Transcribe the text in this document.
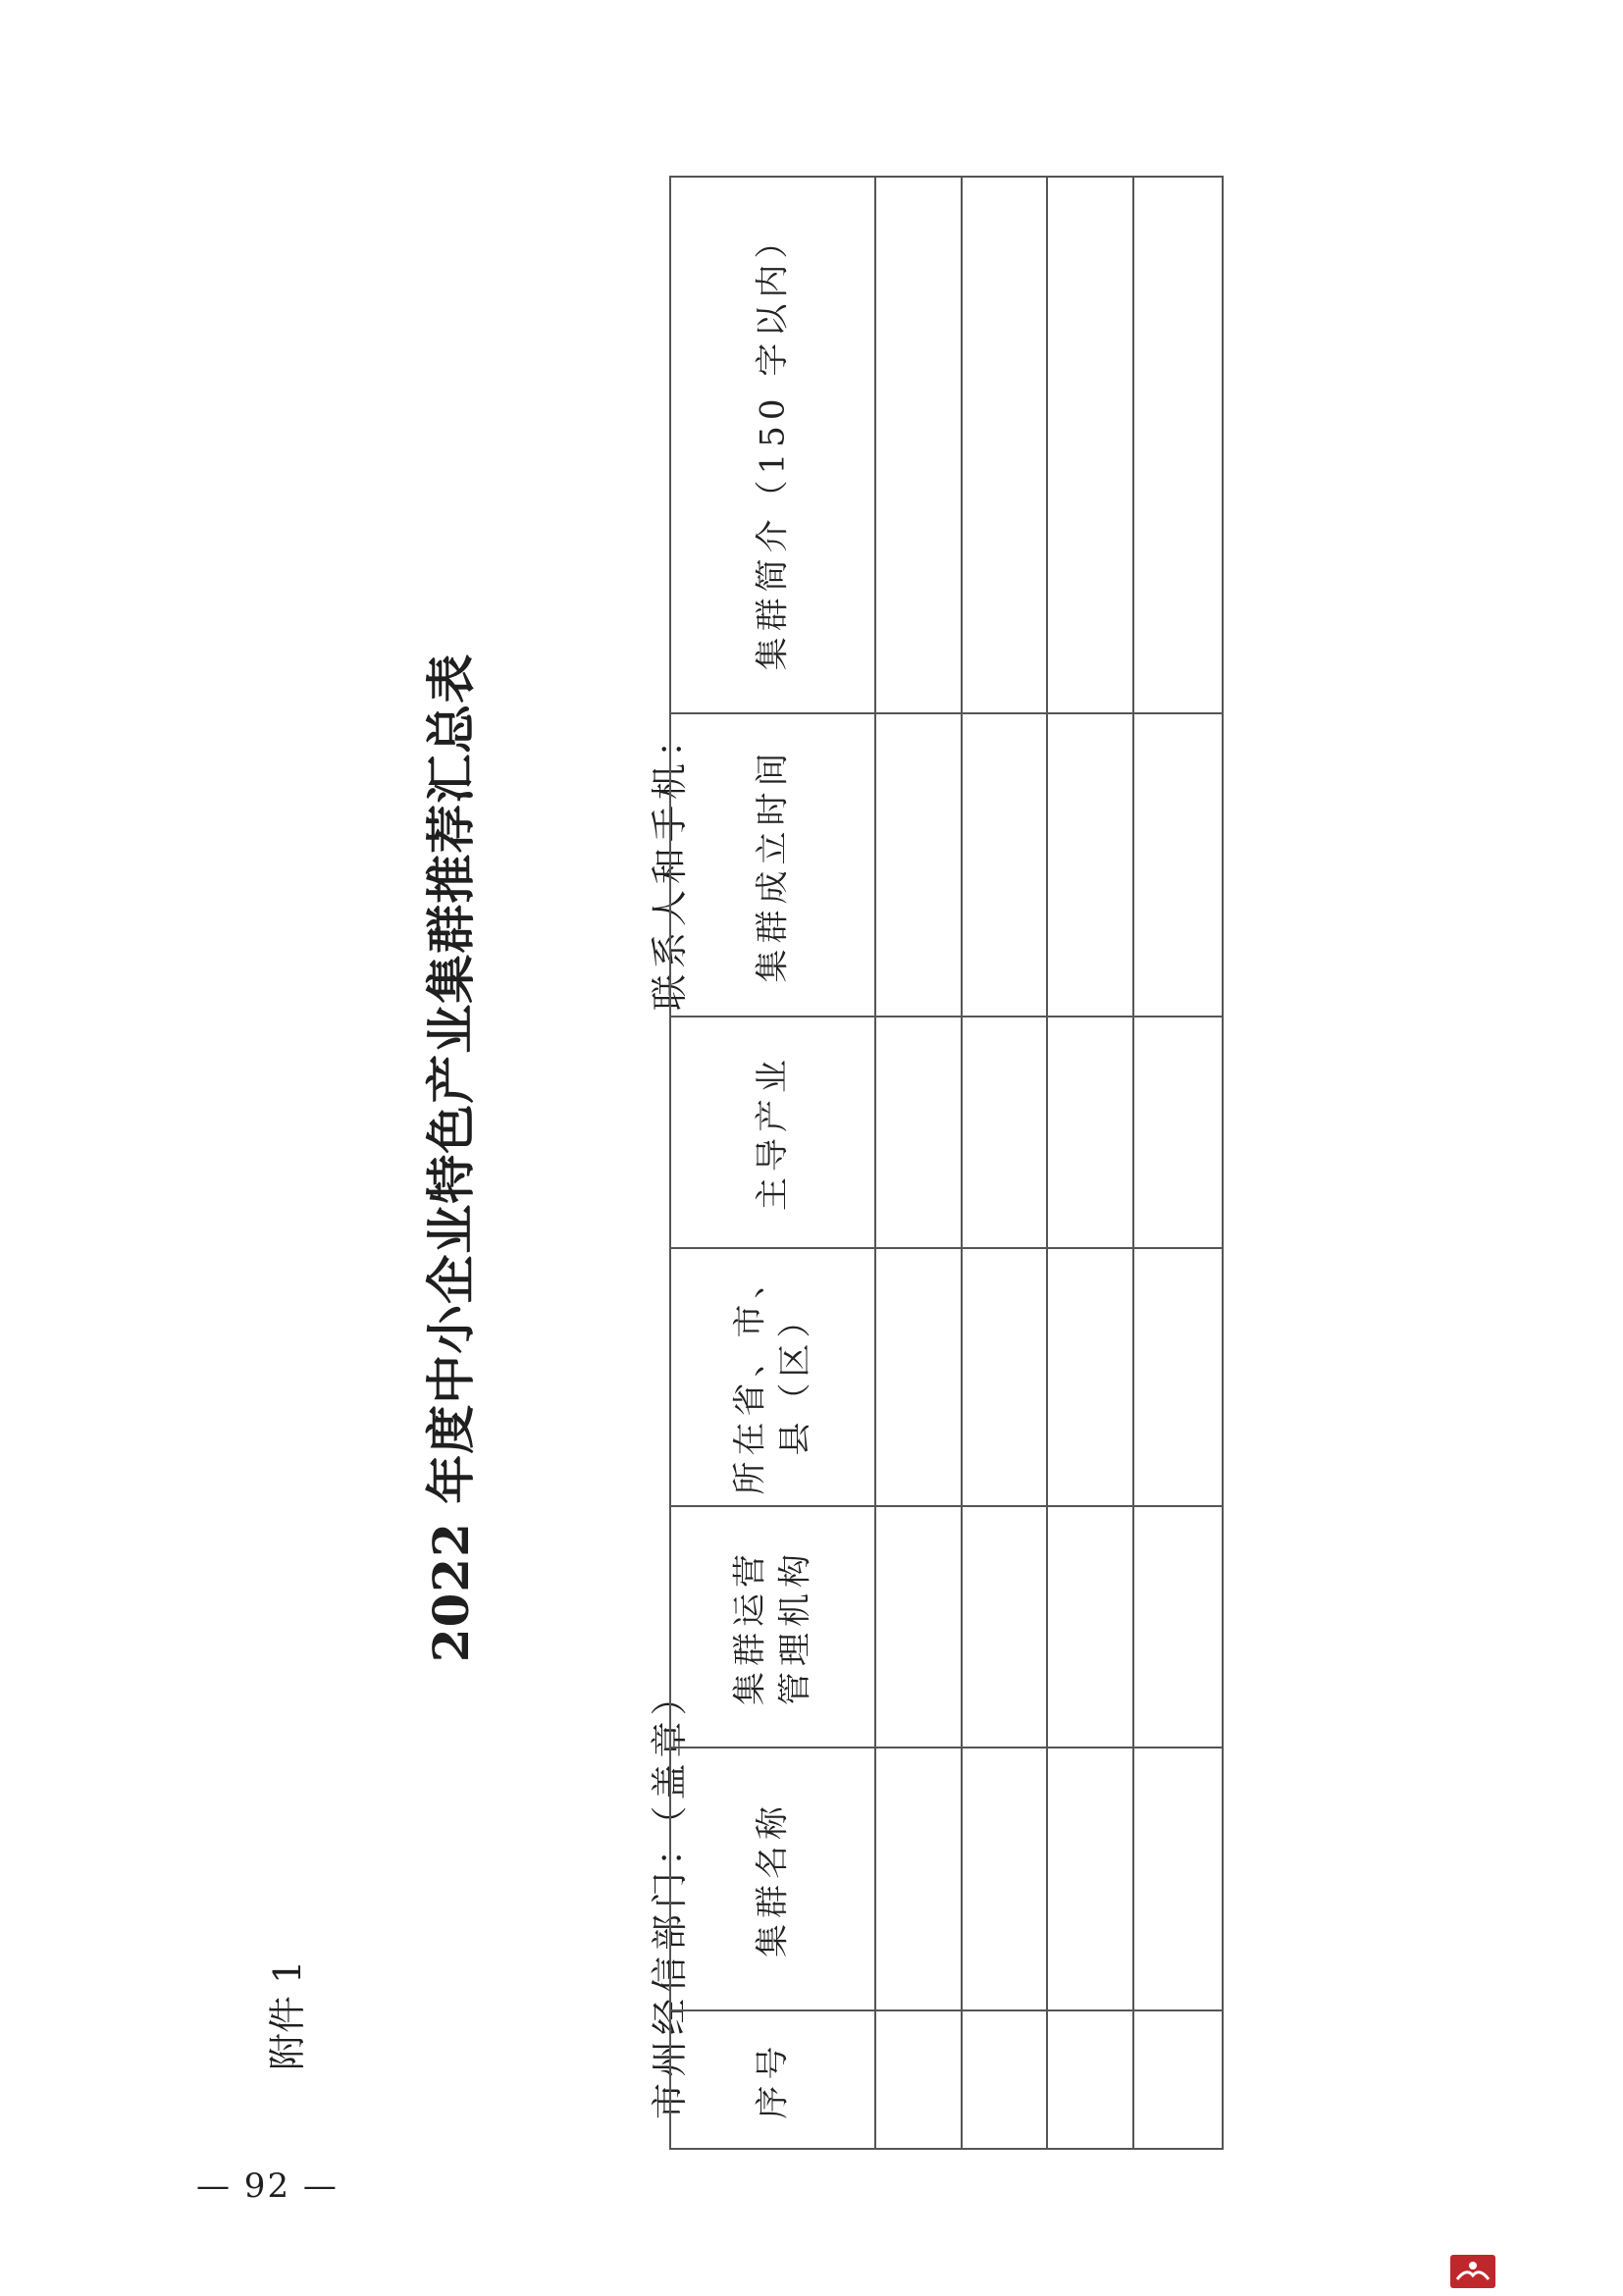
— 92 —
附件 1
2022 年度中小企业特色产业集群推荐汇总表
市州经信部门：（盖章）
联系人和手机：
序号
集群名称
集群运营 管理机构
所在省、市、 县（区）
主导产业
集群成立时间
集群简介（150 字以内）
